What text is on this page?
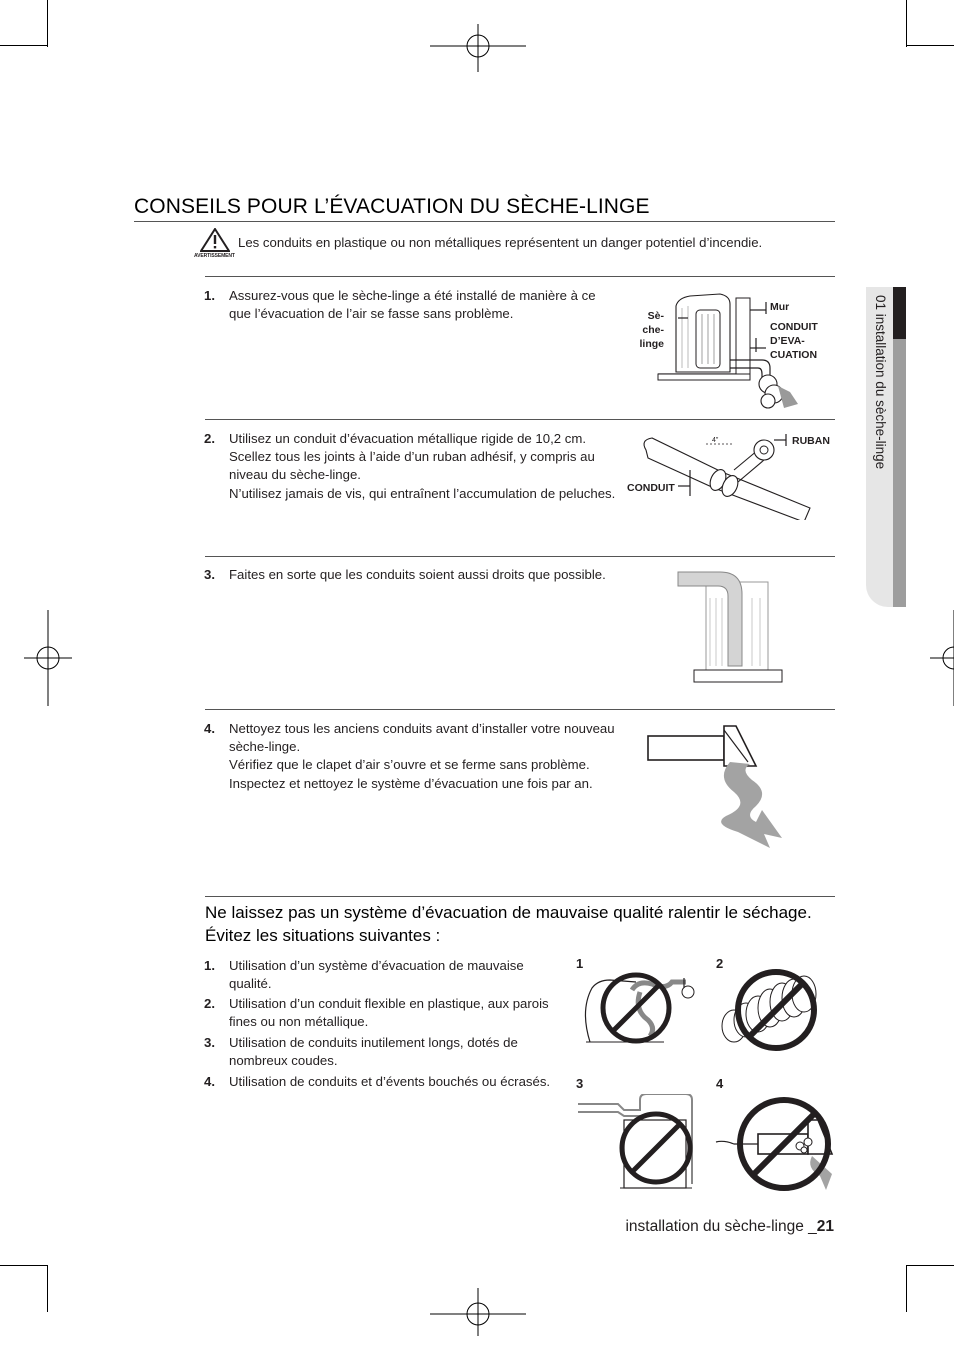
01 installation du sèche-linge
CONSEILS POUR L’ÉVACUATION DU SÈCHE-LINGE
AVERTISSEMENT
Les conduits en plastique ou non métalliques représentent un danger potentiel d’incendie.
1. Assurez-vous que le sèche-linge a été installé de manière à ce que l’évacuation de l’air se fasse sans problème.	Sè-
che-
linge
Mur
CONDUIT
D’EVA-
CUATION
2. Utilisez un conduit d’évacuation métallique rigide de 10,2 cm. Scellez tous les joints à l’aide d’un ruban adhésif, y compris au niveau du sèche-linge.

N’utilisez jamais de vis, qui entraînent l’accumulation de peluches.

4"	RUBAN
CONDUIT
3. Faites en sorte que les conduits soient aussi droits que possible.

4. Nettoyez tous les anciens conduits avant d’installer votre nouveau sèche-linge.

Vérifiez que le clapet d’air s’ouvre et se ferme sans problème.

Inspectez et nettoyez le système d’évacuation une fois par an.

Ne laissez pas un système d’évacuation de mauvaise qualité ralentir le séchage. Évitez les situations suivantes :
1. Utilisation d’un système d’évacuation de mauvaise qualité.
2. Utilisation d’un conduit flexible en plastique, aux parois fines ou non métallique.
3. Utilisation de conduits inutilement longs, dotés de nombreux coudes.
4. Utilisation de conduits et d’évents bouchés ou écrasés.
1	2
3	4
installation du sèche-linge _21
